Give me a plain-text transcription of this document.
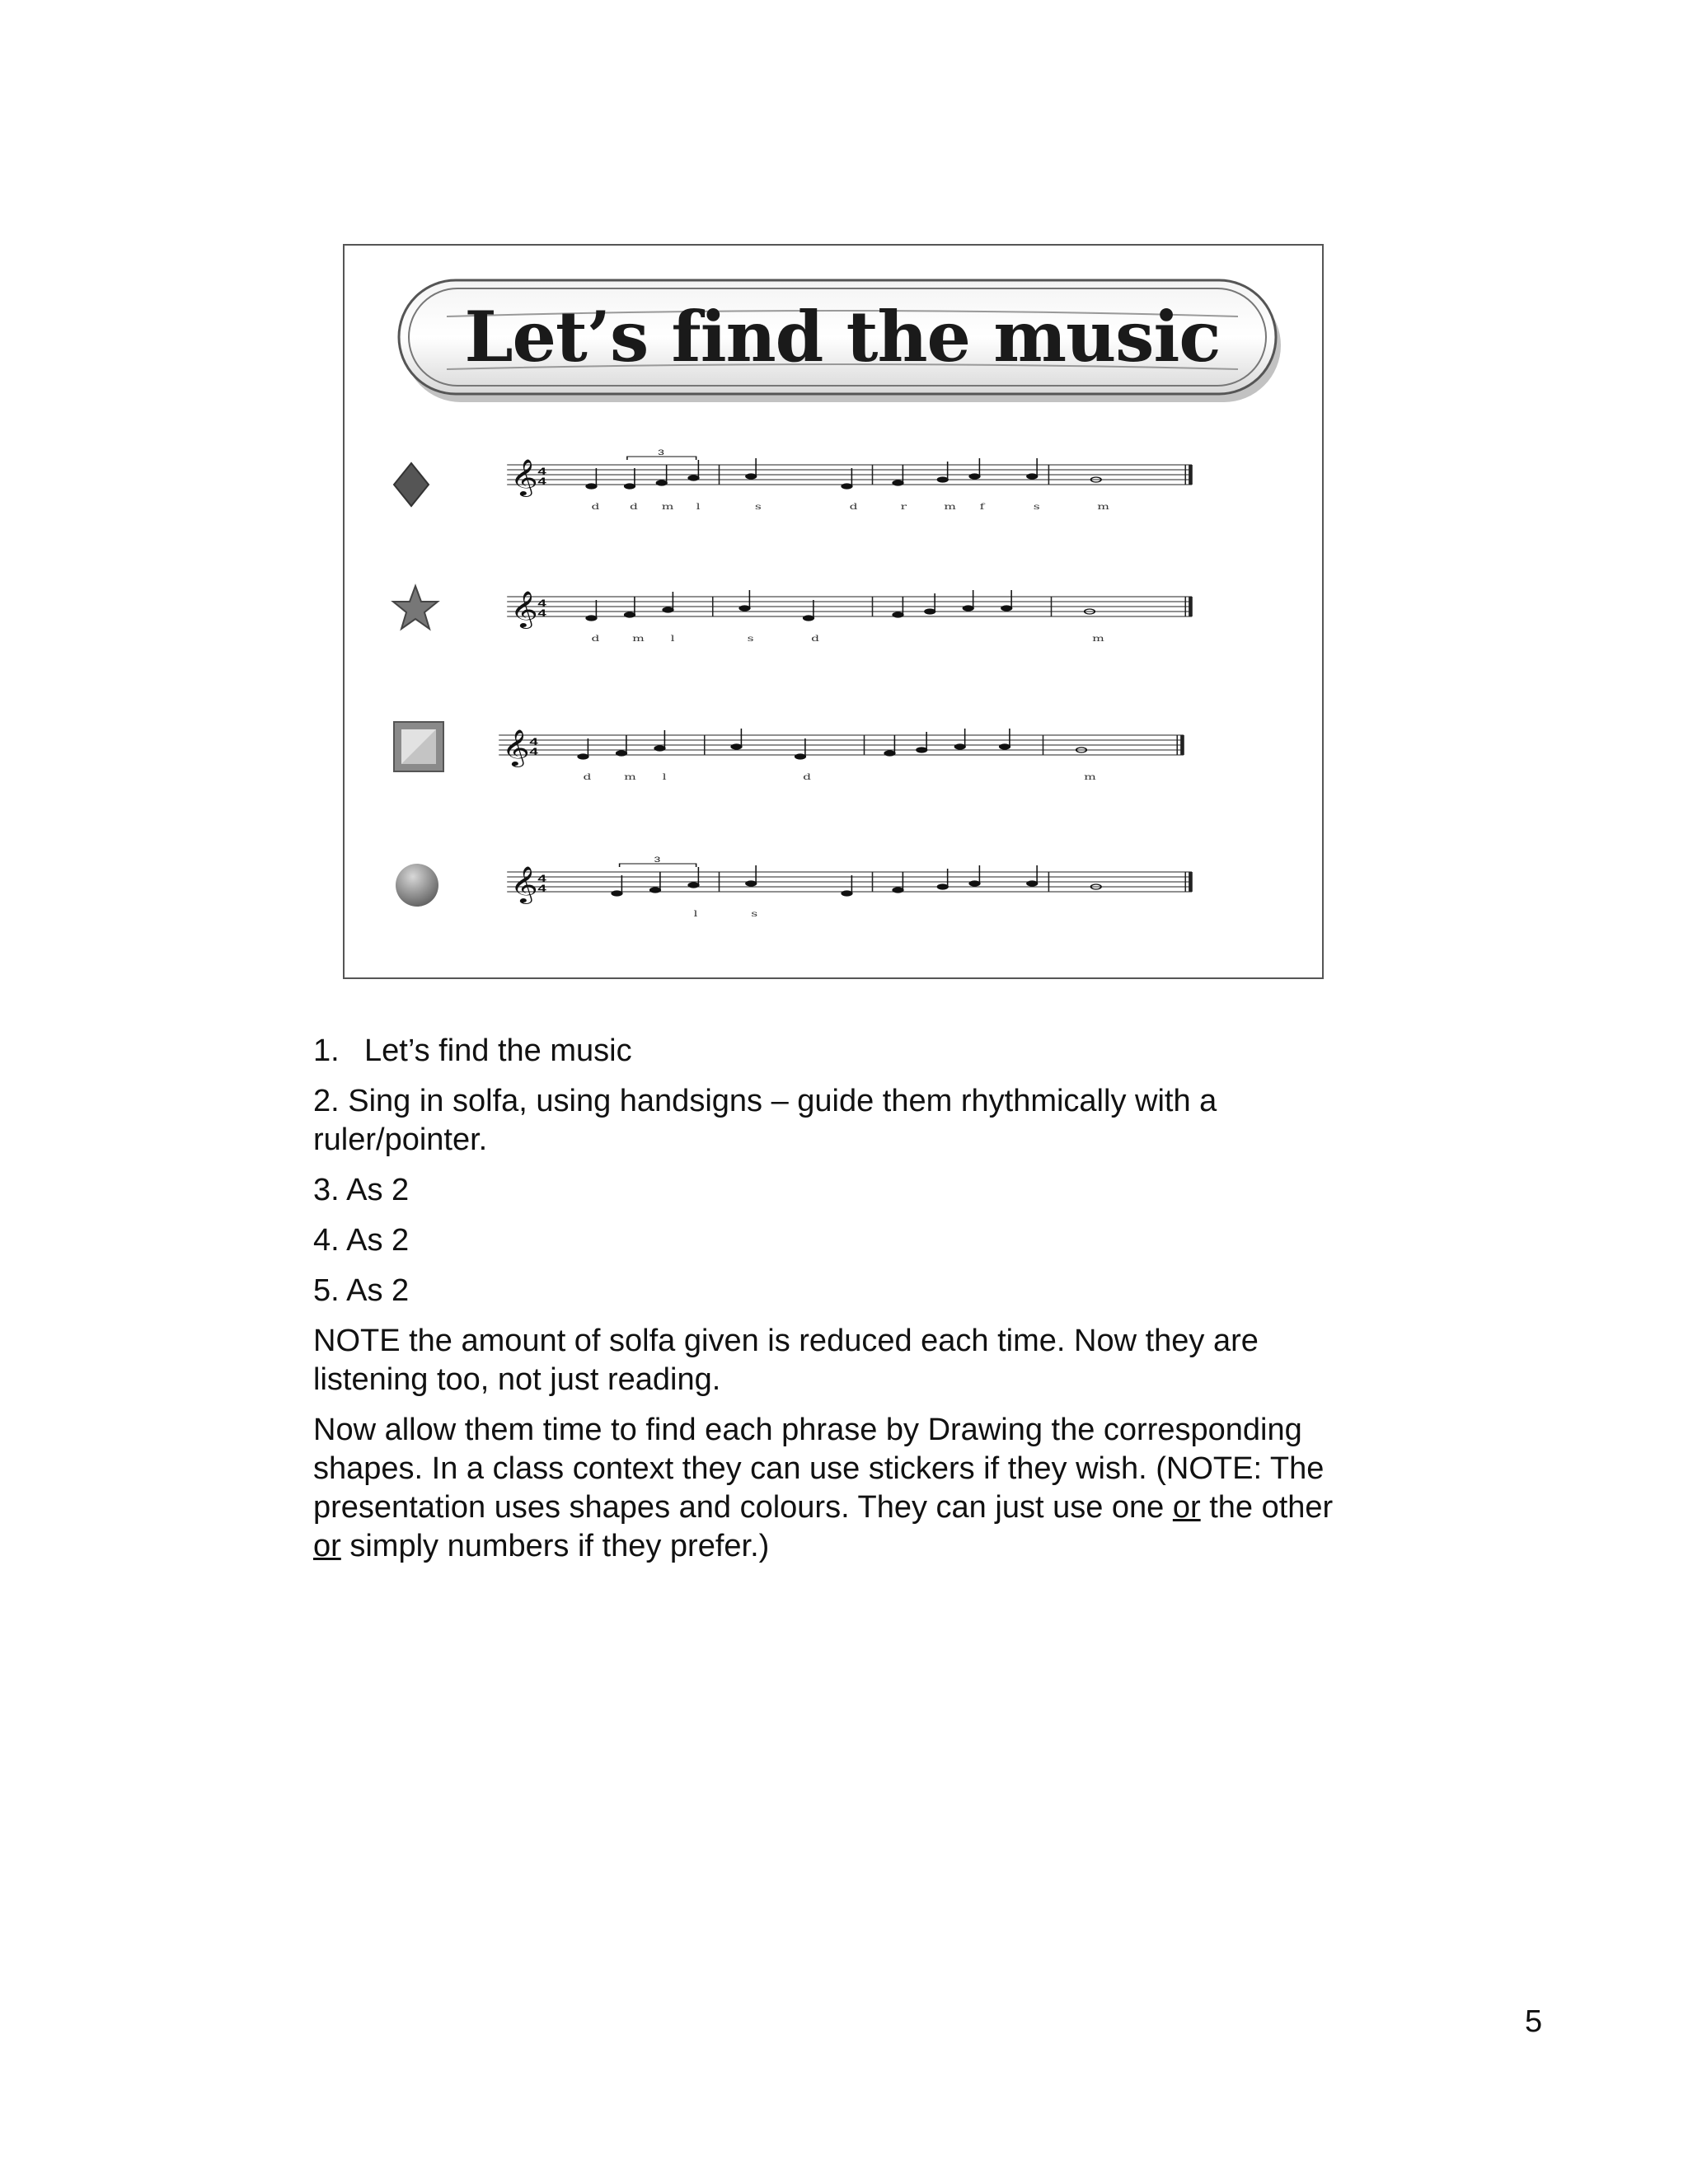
Let’s find the music
𝄞 4
4
3
d	d	m	l	s	d	r	m	f	s	m
𝄞 4
4
d	m	l	s	d	m
𝄞 4
4
d	m	l	d	m
𝄞 4
4
3
l	s

1. Let’s find the music

2. Sing in solfa, using handsigns – guide them rhythmically with a ruler/pointer.

3. As 2

4. As 2

5. As 2

NOTE the amount of solfa given is reduced each time. Now they are listening too, not just reading.

Now allow them time to find each phrase by Drawing the corresponding shapes. In a class context they can use stickers if they wish. (NOTE: The presentation uses shapes and colours. They can just use one or the other or simply numbers if they prefer.)

5
